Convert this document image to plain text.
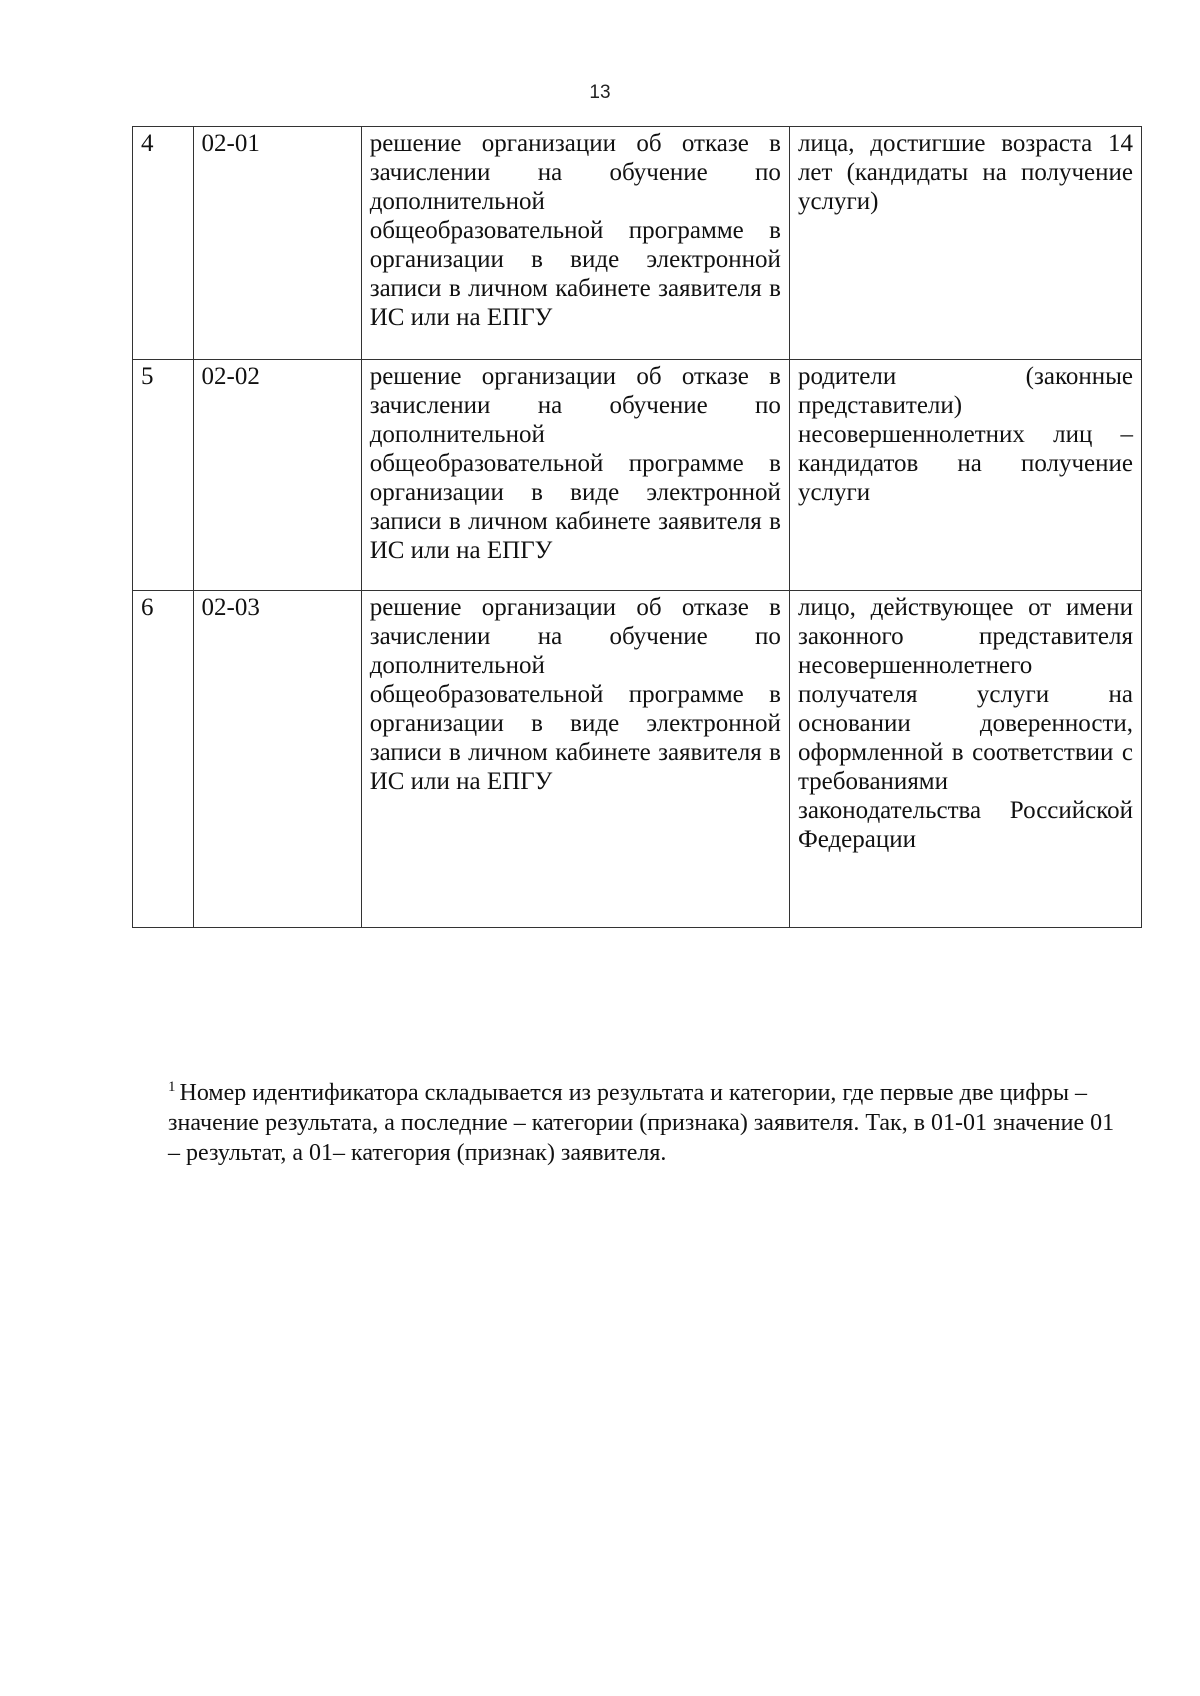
13
4	02-01	решение организации об отказе в зачислении на обучение по дополнительной общеобразовательной программе в организации в виде электронной записи в личном кабинете заявителя в ИС или на ЕПГУ	лица, достигшие возраста 14 лет (кандидаты на получение услуги)
5	02-02	решение организации об отказе в зачислении на обучение по дополнительной общеобразовательной программе в организации в виде электронной записи в личном кабинете заявителя в ИС или на ЕПГУ	родители (законные представители) несовершеннолетних лиц – кандидатов на получение услуги
6	02-03	решение организации об отказе в зачислении на обучение по дополнительной общеобразовательной программе в организации в виде электронной записи в личном кабинете заявителя в ИС или на ЕПГУ	лицо, действующее от имени законного представителя несовершеннолетнего получателя услуги на основании доверенности, оформленной в соответствии с требованиями законодательства Российской Федерации
$^1$ Номер идентификатора складывается из результата и категории, где первые две цифры – значение результата, а последние – категории (признака) заявителя. Так, в 01-01 значение 01 – результат, а 01– категория (признак) заявителя.
